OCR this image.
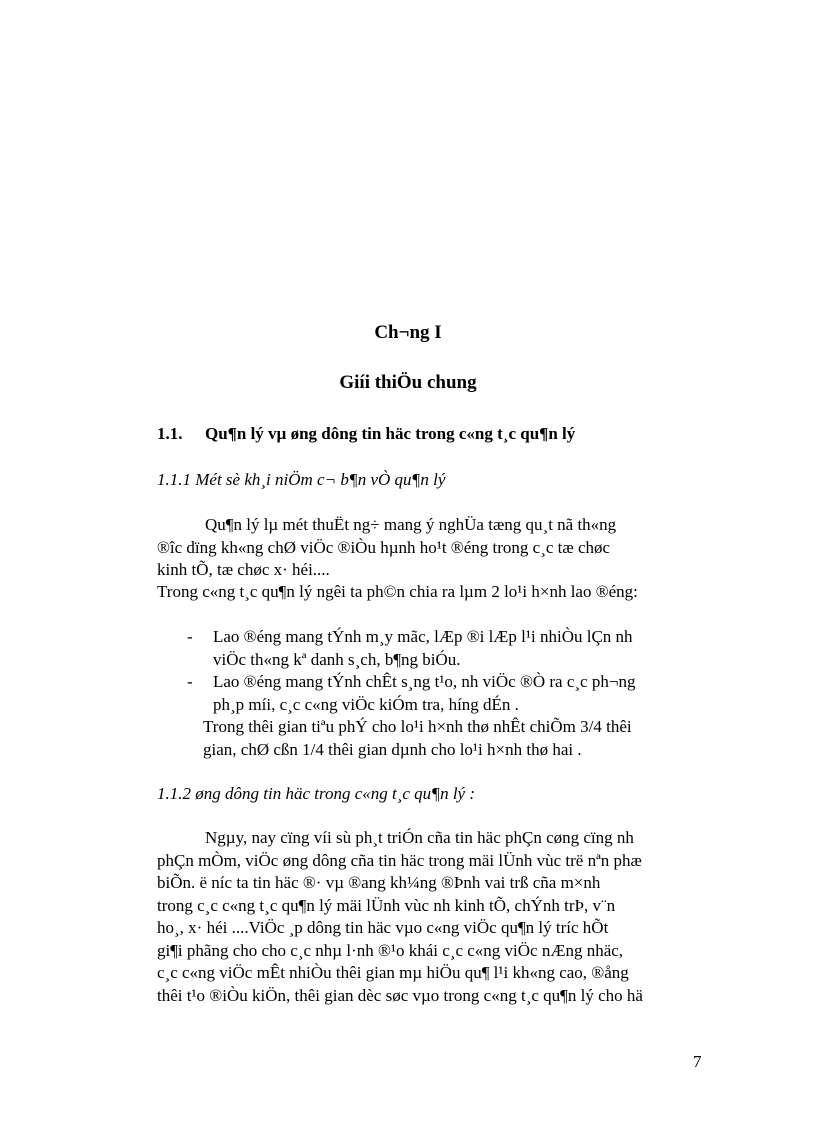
Ch¬ng I
Giíi thiÖu chung
1.1. Qu¶n lý vµ øng dông tin häc trong c«ng t¸c qu¶n lý
1.1.1 Mét sè kh¸i niÖm c¬ b¶n vÒ qu¶n lý
Qu¶n lý lµ mét thuËt ng÷ mang ý nghÜa tæng qu¸t nã th«ng
®îc dïng kh«ng chØ viÖc ®iÒu hµnh ho¹t ®éng trong c¸c tæ chøc
kinh tÕ, tæ chøc x· héi....
Trong c«ng t¸c qu¶n lý ngêi ta ph©n chia ra lµm 2 lo¹i h×nh lao ®éng:
- Lao ®éng mang tÝnh m¸y mãc, lÆp ®i lÆp l¹i nhiÒu lÇn nh
viÖc th«ng kª danh s¸ch, b¶ng biÓu.
- Lao ®éng mang tÝnh chÊt s¸ng t¹o, nh viÖc ®Ò ra c¸c ph¬ng
ph¸p míi, c¸c c«ng viÖc kiÓm tra, híng dÉn .
Trong thêi gian tiªu phÝ cho lo¹i h×nh thø nhÊt chiÕm 3/4 thêi
gian, chØ cßn 1/4 thêi gian dµnh cho lo¹i h×nh thø hai .
1.1.2 øng dông tin häc trong c«ng t¸c qu¶n lý :
Ngµy, nay cïng víi sù ph¸t triÓn cña tin häc phÇn cøng cïng nh
phÇn mÒm, viÖc øng dông cña tin häc trong mäi lÜnh vùc trë nªn phæ
biÕn. ë níc ta tin häc ®· vµ ®ang kh¼ng ®Þnh vai trß cña m×nh
trong c¸c c«ng t¸c qu¶n lý mäi lÜnh vùc nh kinh tÕ, chÝnh trÞ, v¨n
ho¸, x· héi ....ViÖc ¸p dông tin häc vµo c«ng viÖc qu¶n lý tríc hÕt
gi¶i phãng cho cho c¸c nhµ l·nh ®¹o khái c¸c c«ng viÖc nÆng nhäc,
c¸c c«ng viÖc mÊt nhiÒu thêi gian mµ hiÖu qu¶ l¹i kh«ng cao, ®ång
thêi t¹o ®iÒu kiÖn, thêi gian dèc søc vµo trong c«ng t¸c qu¶n lý cho hä
7
